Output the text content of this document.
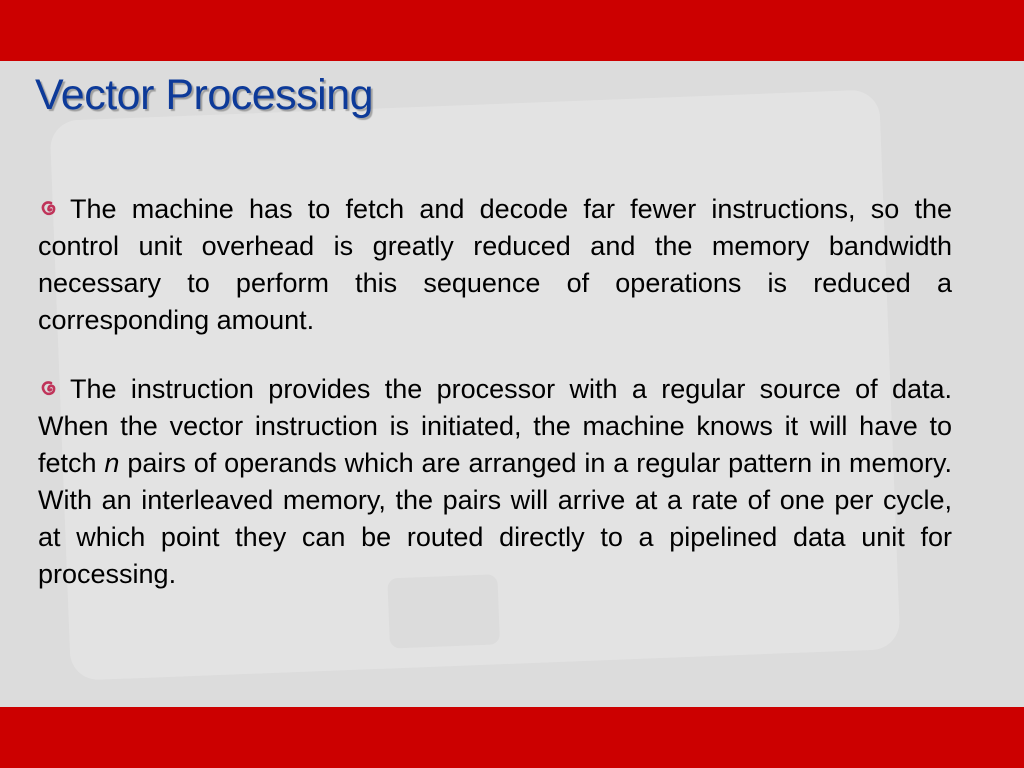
Vector Processing

The machine has to fetch and decode far fewer instructions, so the control unit overhead is greatly reduced and the memory bandwidth necessary to perform this sequence of operations is reduced a corresponding amount.

The instruction provides the processor with a regular source of data. When the vector instruction is initiated, the machine knows it will have to fetch n pairs of operands which are arranged in a regular pattern in memory. With an interleaved memory, the pairs will arrive at a rate of one per cycle, at which point they can be routed directly to a pipelined data unit for processing.
